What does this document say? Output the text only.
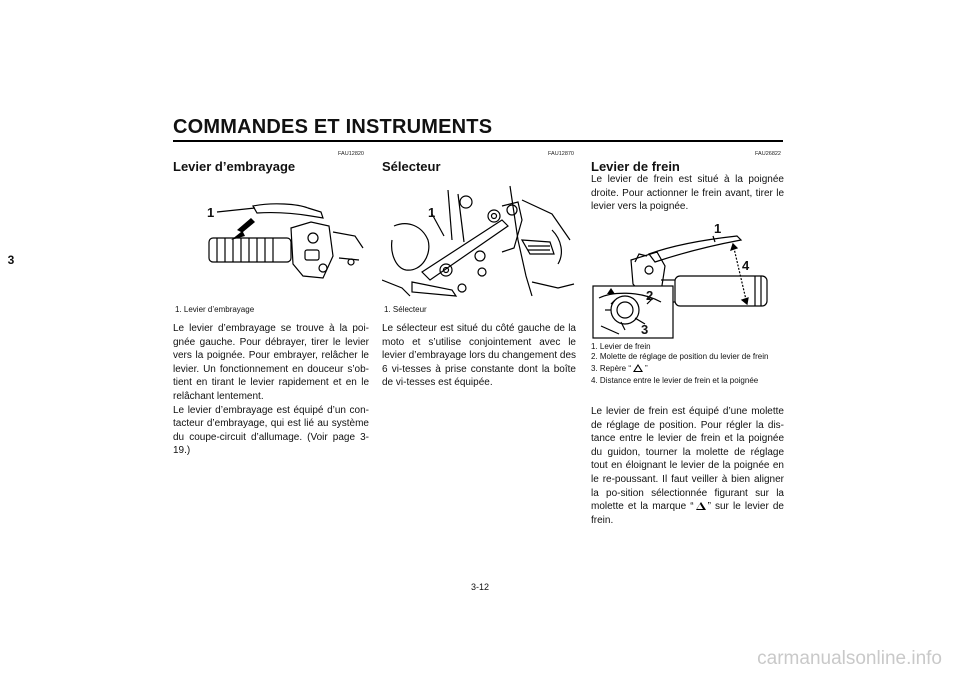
COMMANDES ET INSTRUMENTS
3
FAU12820
Levier d’embrayage
1
1. Levier d’embrayage

Le levier d’embrayage se trouve à la poi-gnée gauche. Pour débrayer, tirer le levier vers la poignée. Pour embrayer, relâcher le levier. Un fonctionnement en douceur s’ob-tient en tirant le levier rapidement et en le relâchant lentement.

Le levier d’embrayage est équipé d’un con-tacteur d’embrayage, qui est lié au système du coupe-circuit d’allumage. (Voir page 3-19.)

FAU12870
Sélecteur
1
1. Sélecteur

Le sélecteur est situé du côté gauche de la moto et s’utilise conjointement avec le levier d’embrayage lors du changement des 6 vi-tesses à prise constante dont la boîte de vi-tesses est équipée.

FAU26822
Levier de frein
Le levier de frein est situé à la poignée droite. Pour actionner le frein avant, tirer le levier vers la poignée.
1
2
3
4
1. Levier de frein
2. Molette de réglage de position du levier de frein
3. Repère “ ”
4. Distance entre le levier de frein et la poignée

Le levier de frein est équipé d’une molette de réglage de position. Pour régler la dis-tance entre le levier de frein et la poignée du guidon, tourner la molette de réglage tout en éloignant le levier de la poignée en le re-poussant. Il faut veiller à bien aligner la po-sition sélectionnée figurant sur la molette et la marque “ ” sur le levier de frein.

3-12
carmanualsonline.info
